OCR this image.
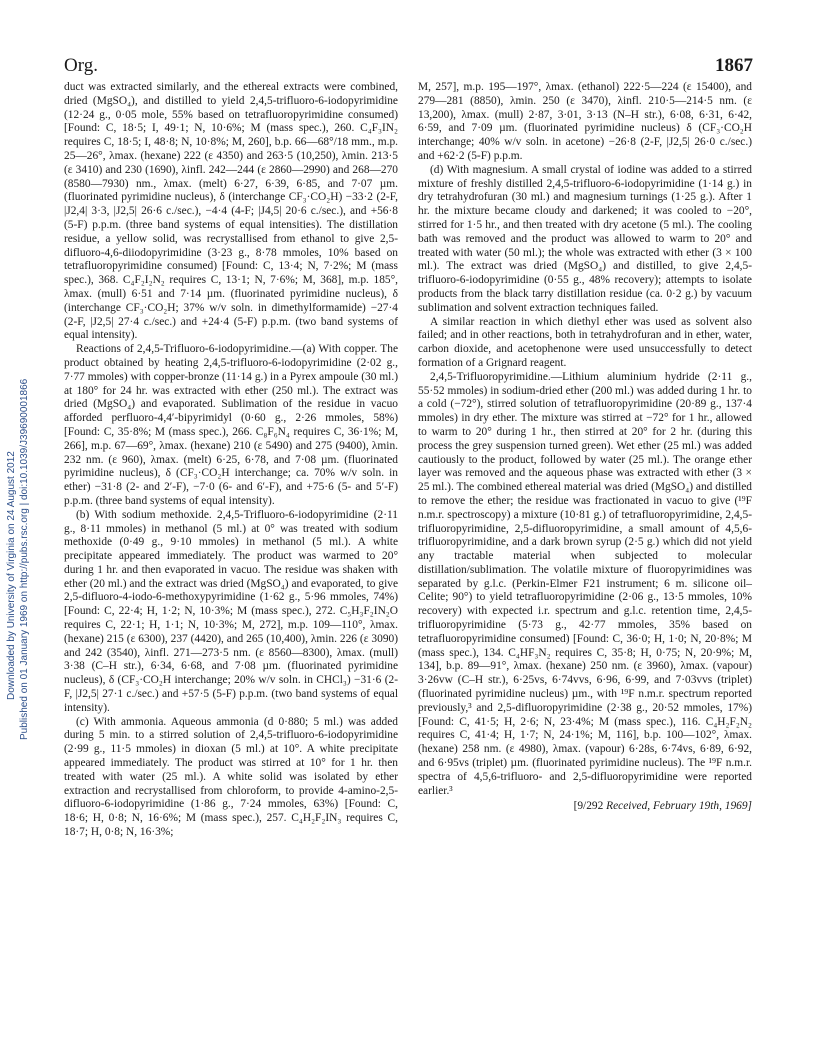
Org.	1867
Downloaded by University of Virginia on 24 August 2012 Published on 01 January 1969 on http://pubs.rsc.org | doi:10.1039/J39690001866

duct was extracted similarly, and the ethereal extracts were combined, dried (MgSO₄), and distilled to yield 2,4,5-trifluoro-6-iodopyrimidine (12·24 g., 0·05 mole, 55% based on tetrafluoropyrimidine consumed) [Found: C, 18·5; I, 49·1; N, 10·6%; M (mass spec.), 260. C₄F₃IN₂ requires C, 18·5; I, 48·8; N, 10·8%; M, 260], b.p. 66—68°/18 mm., m.p. 25—26°, λmax. (hexane) 222 (ε 4350) and 263·5 (10,250), λmin. 213·5 (ε 3410) and 230 (1690), λinfl. 242—244 (ε 2860—2990) and 268—270 (8580—7930) nm., λmax. (melt) 6·27, 6·39, 6·85, and 7·07 µm. (fluorinated pyrimidine nucleus), δ (interchange CF₃·CO₂H) −33·2 (2-F, |J2,4| 3·3, |J2,5| 26·6 c./sec.), −4·4 (4-F; |J4,5| 20·6 c./sec.), and +56·8 (5-F) p.p.m. (three band systems of equal intensities). The distillation residue, a yellow solid, was recrystallised from ethanol to give 2,5-difluoro-4,6-diiodopyrimidine (3·23 g., 8·78 mmoles, 10% based on tetrafluoropyrimidine consumed) [Found: C, 13·4; N, 7·2%; M (mass spec.), 368. C₄F₂I₂N₂ requires C, 13·1; N, 7·6%; M, 368], m.p. 185°, λmax. (mull) 6·51 and 7·14 µm. (fluorinated pyrimidine nucleus), δ (interchange CF₃·CO₂H; 37% w/v soln. in dimethylformamide) −27·4 (2-F, |J2,5| 27·4 c./sec.) and +24·4 (5-F) p.p.m. (two band systems of equal intensity).

Reactions of 2,4,5-Trifluoro-6-iodopyrimidine.—(a) With copper. The product obtained by heating 2,4,5-trifluoro-6-iodopyrimidine (2·02 g., 7·77 mmoles) with copper-bronze (11·14 g.) in a Pyrex ampoule (30 ml.) at 180° for 24 hr. was extracted with ether (250 ml.). The extract was dried (MgSO₄) and evaporated. Sublimation of the residue in vacuo afforded perfluoro-4,4′-bipyrimidyl (0·60 g., 2·26 mmoles, 58%) [Found: C, 35·8%; M (mass spec.), 266. C₈F₆N₄ requires C, 36·1%; M, 266], m.p. 67—69°, λmax. (hexane) 210 (ε 5490) and 275 (9400), λmin. 232 nm. (ε 960), λmax. (melt) 6·25, 6·78, and 7·08 µm. (fluorinated pyrimidine nucleus), δ (CF₃·CO₂H interchange; ca. 70% w/v soln. in ether) −31·8 (2- and 2′-F), −7·0 (6- and 6′-F), and +75·6 (5- and 5′-F) p.p.m. (three band systems of equal intensity).

(b) With sodium methoxide. 2,4,5-Trifluoro-6-iodopyrimidine (2·11 g., 8·11 mmoles) in methanol (5 ml.) at 0° was treated with sodium methoxide (0·49 g., 9·10 mmoles) in methanol (5 ml.). A white precipitate appeared immediately. The product was warmed to 20° during 1 hr. and then evaporated in vacuo. The residue was shaken with ether (20 ml.) and the extract was dried (MgSO₄) and evaporated, to give 2,5-difluoro-4-iodo-6-methoxypyrimidine (1·62 g., 5·96 mmoles, 74%) [Found: C, 22·4; H, 1·2; N, 10·3%; M (mass spec.), 272. C₅H₃F₂IN₂O requires C, 22·1; H, 1·1; N, 10·3%; M, 272], m.p. 109—110°, λmax. (hexane) 215 (ε 6300), 237 (4420), and 265 (10,400), λmin. 226 (ε 3090) and 242 (3540), λinfl. 271—273·5 nm. (ε 8560—8300), λmax. (mull) 3·38 (C–H str.), 6·34, 6·68, and 7·08 µm. (fluorinated pyrimidine nucleus), δ (CF₃·CO₂H interchange; 20% w/v soln. in CHCl₃) −31·6 (2-F, |J2,5| 27·1 c./sec.) and +57·5 (5-F) p.p.m. (two band systems of equal intensity).

(c) With ammonia. Aqueous ammonia (d 0·880; 5 ml.) was added during 5 min. to a stirred solution of 2,4,5-trifluoro-6-iodopyrimidine (2·99 g., 11·5 mmoles) in dioxan (5 ml.) at 10°. A white precipitate appeared immediately. The product was stirred at 10° for 1 hr. then treated with water (25 ml.). A white solid was isolated by ether extraction and recrystallised from chloroform, to provide 4-amino-2,5-difluoro-6-iodopyrimidine (1·86 g., 7·24 mmoles, 63%) [Found: C, 18·6; H, 0·8; N, 16·6%; M (mass spec.), 257. C₄H₂F₂IN₃ requires C, 18·7; H, 0·8; N, 16·3%;

M, 257], m.p. 195—197°, λmax. (ethanol) 222·5—224 (ε 15400), and 279—281 (8850), λmin. 250 (ε 3470), λinfl. 210·5—214·5 nm. (ε 13,200), λmax. (mull) 2·87, 3·01, 3·13 (N–H str.), 6·08, 6·31, 6·42, 6·59, and 7·09 µm. (fluorinated pyrimidine nucleus) δ (CF₃·CO₂H interchange; 40% w/v soln. in acetone) −26·8 (2-F, |J2,5| 26·0 c./sec.) and +62·2 (5-F) p.p.m.

(d) With magnesium. A small crystal of iodine was added to a stirred mixture of freshly distilled 2,4,5-trifluoro-6-iodopyrimidine (1·14 g.) in dry tetrahydrofuran (30 ml.) and magnesium turnings (1·25 g.). After 1 hr. the mixture became cloudy and darkened; it was cooled to −20°, stirred for 1·5 hr., and then treated with dry acetone (5 ml.). The cooling bath was removed and the product was allowed to warm to 20° and treated with water (50 ml.); the whole was extracted with ether (3 × 100 ml.). The extract was dried (MgSO₄) and distilled, to give 2,4,5-trifluoro-6-iodopyrimidine (0·55 g., 48% recovery); attempts to isolate products from the black tarry distillation residue (ca. 0·2 g.) by vacuum sublimation and solvent extraction techniques failed.

A similar reaction in which diethyl ether was used as solvent also failed; and in other reactions, both in tetrahydrofuran and in ether, water, carbon dioxide, and acetophenone were used unsuccessfully to detect formation of a Grignard reagent.

2,4,5-Trifluoropyrimidine.—Lithium aluminium hydride (2·11 g., 55·52 mmoles) in sodium-dried ether (200 ml.) was added during 1 hr. to a cold (−72°), stirred solution of tetrafluoropyrimidine (20·89 g., 137·4 mmoles) in dry ether. The mixture was stirred at −72° for 1 hr., allowed to warm to 20° during 1 hr., then stirred at 20° for 2 hr. (during this process the grey suspension turned green). Wet ether (25 ml.) was added cautiously to the product, followed by water (25 ml.). The orange ether layer was removed and the aqueous phase was extracted with ether (3 × 25 ml.). The combined ethereal material was dried (MgSO₄) and distilled to remove the ether; the residue was fractionated in vacuo to give (¹⁹F n.m.r. spectroscopy) a mixture (10·81 g.) of tetrafluoropyrimidine, 2,4,5-trifluoropyrimidine, 2,5-difluoropyrimidine, a small amount of 4,5,6-trifluoropyrimidine, and a dark brown syrup (2·5 g.) which did not yield any tractable material when subjected to molecular distillation/sublimation. The volatile mixture of fluoropyrimidines was separated by g.l.c. (Perkin-Elmer F21 instrument; 6 m. silicone oil–Celite; 90°) to yield tetrafluoropyrimidine (2·06 g., 13·5 mmoles, 10% recovery) with expected i.r. spectrum and g.l.c. retention time, 2,4,5-trifluoropyrimidine (5·73 g., 42·77 mmoles, 35% based on tetrafluoropyrimidine consumed) [Found: C, 36·0; H, 1·0; N, 20·8%; M (mass spec.), 134. C₄HF₃N₂ requires C, 35·8; H, 0·75; N, 20·9%; M, 134], b.p. 89—91°, λmax. (hexane) 250 nm. (ε 3960), λmax. (vapour) 3·26vw (C–H str.), 6·25vs, 6·74vvs, 6·96, 6·99, and 7·03vvs (triplet) (fluorinated pyrimidine nucleus) µm., with ¹⁹F n.m.r. spectrum reported previously,³ and 2,5-difluoropyrimidine (2·38 g., 20·52 mmoles, 17%) [Found: C, 41·5; H, 2·6; N, 23·4%; M (mass spec.), 116. C₄H₂F₂N₂ requires C, 41·4; H, 1·7; N, 24·1%; M, 116], b.p. 100—102°, λmax. (hexane) 258 nm. (ε 4980), λmax. (vapour) 6·28s, 6·74vs, 6·89, 6·92, and 6·95vs (triplet) µm. (fluorinated pyrimidine nucleus). The ¹⁹F n.m.r. spectra of 4,5,6-trifluoro- and 2,5-difluoropyrimidine were reported earlier.³

[9/292 Received, February 19th, 1969]
